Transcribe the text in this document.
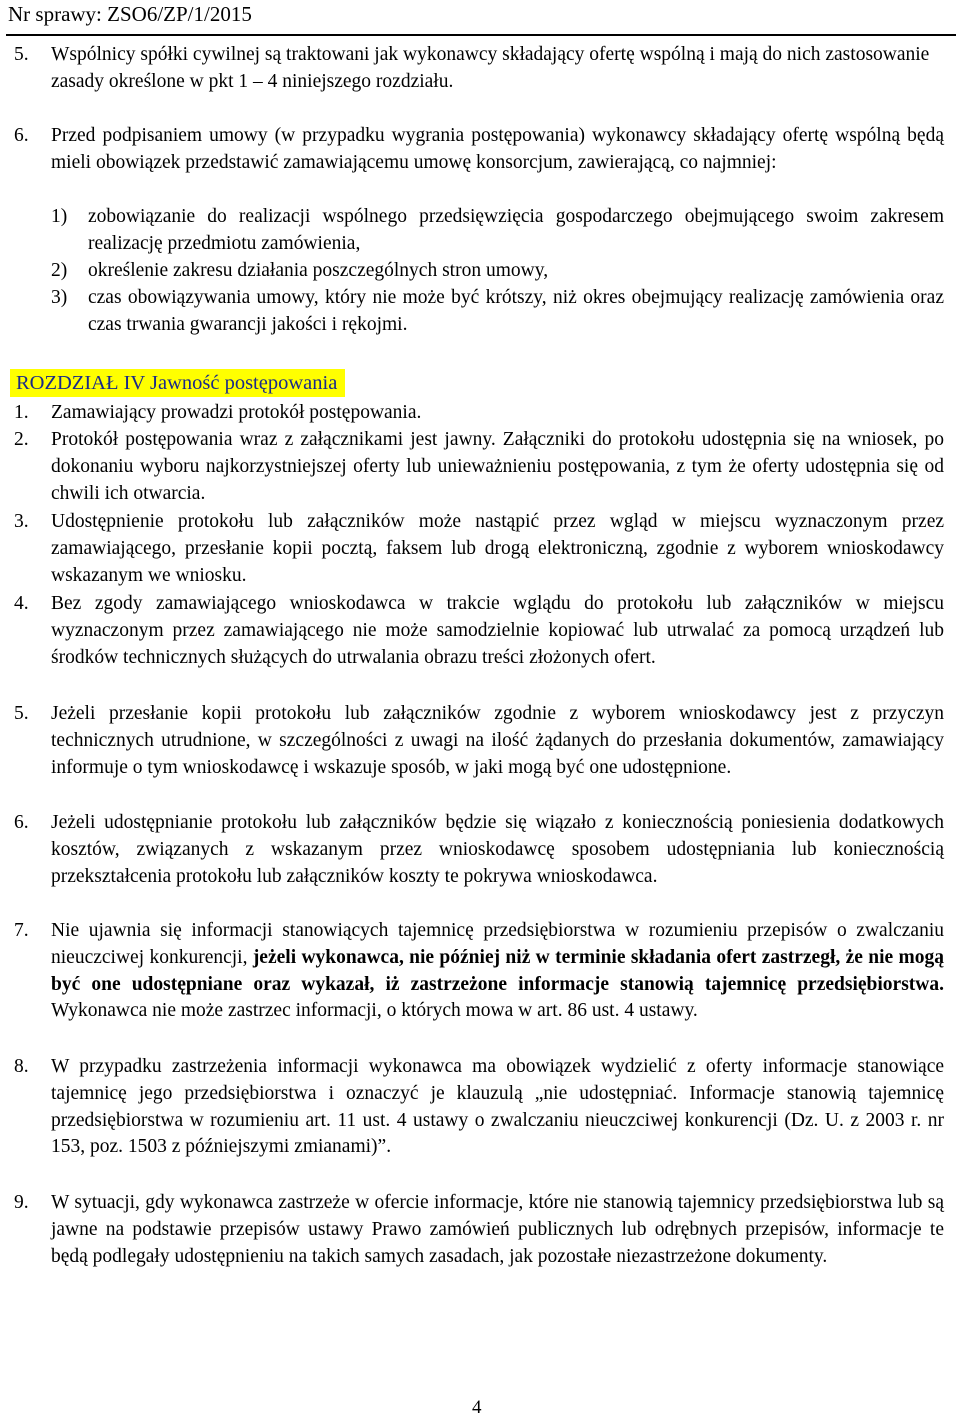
Nr sprawy: ZSO6/ZP/1/2015
5. Wspólnicy spółki cywilnej są traktowani jak wykonawcy składający ofertę wspólną i mają do nich zastosowanie zasady określone w pkt 1 – 4 niniejszego rozdziału.
6. Przed podpisaniem umowy (w przypadku wygrania postępowania) wykonawcy składający ofertę wspólną będą mieli obowiązek przedstawić zamawiającemu umowę konsorcjum, zawierającą, co najmniej:
1) zobowiązanie do realizacji wspólnego przedsięwzięcia gospodarczego obejmującego swoim zakresem realizację przedmiotu zamówienia,
2) określenie zakresu działania poszczególnych stron umowy,
3) czas obowiązywania umowy, który nie może być krótszy, niż okres obejmujący realizację zamówienia oraz czas trwania gwarancji jakości i rękojmi.
ROZDZIAŁ IV Jawność postępowania
1. Zamawiający prowadzi protokół postępowania.
2. Protokół postępowania wraz z załącznikami jest jawny. Załączniki do protokołu udostępnia się na wniosek, po dokonaniu wyboru najkorzystniejszej oferty lub unieważnieniu postępowania, z tym że oferty udostępnia się od chwili ich otwarcia.
3. Udostępnienie protokołu lub załączników może nastąpić przez wgląd w miejscu wyznaczonym przez zamawiającego, przesłanie kopii pocztą, faksem lub drogą elektroniczną, zgodnie z wyborem wnioskodawcy wskazanym we wniosku.
4. Bez zgody zamawiającego wnioskodawca w trakcie wglądu do protokołu lub załączników w miejscu wyznaczonym przez zamawiającego nie może samodzielnie kopiować lub utrwalać za pomocą urządzeń lub środków technicznych służących do utrwalania obrazu treści złożonych ofert.
5. Jeżeli przesłanie kopii protokołu lub załączników zgodnie z wyborem wnioskodawcy jest z przyczyn technicznych utrudnione, w szczególności z uwagi na ilość żądanych do przesłania dokumentów, zamawiający informuje o tym wnioskodawcę i wskazuje sposób, w jaki mogą być one udostępnione.
6. Jeżeli udostępnianie protokołu lub załączników będzie się wiązało z koniecznością poniesienia dodatkowych kosztów, związanych z wskazanym przez wnioskodawcę sposobem udostępniania lub koniecznością przekształcenia protokołu lub załączników koszty te pokrywa wnioskodawca.
7. Nie ujawnia się informacji stanowiących tajemnicę przedsiębiorstwa w rozumieniu przepisów o zwalczaniu nieuczciwej konkurencji, jeżeli wykonawca, nie później niż w terminie składania ofert zastrzegł, że nie mogą być one udostępniane oraz wykazał, iż zastrzeżone informacje stanowią tajemnicę przedsiębiorstwa. Wykonawca nie może zastrzec informacji, o których mowa w art. 86 ust. 4 ustawy.
8. W przypadku zastrzeżenia informacji wykonawca ma obowiązek wydzielić z oferty informacje stanowiące tajemnicę jego przedsiębiorstwa i oznaczyć je klauzulą „nie udostępniać. Informacje stanowią tajemnicę przedsiębiorstwa w rozumieniu art. 11 ust. 4 ustawy o zwalczaniu nieuczciwej konkurencji (Dz. U. z 2003 r. nr 153, poz. 1503 z późniejszymi zmianami)”.
9. W sytuacji, gdy wykonawca zastrzeże w ofercie informacje, które nie stanowią tajemnicy przedsiębiorstwa lub są jawne na podstawie przepisów ustawy Prawo zamówień publicznych lub odrębnych przepisów, informacje te będą podlegały udostępnieniu na takich samych zasadach, jak pozostałe niezastrzeżone dokumenty.
4
